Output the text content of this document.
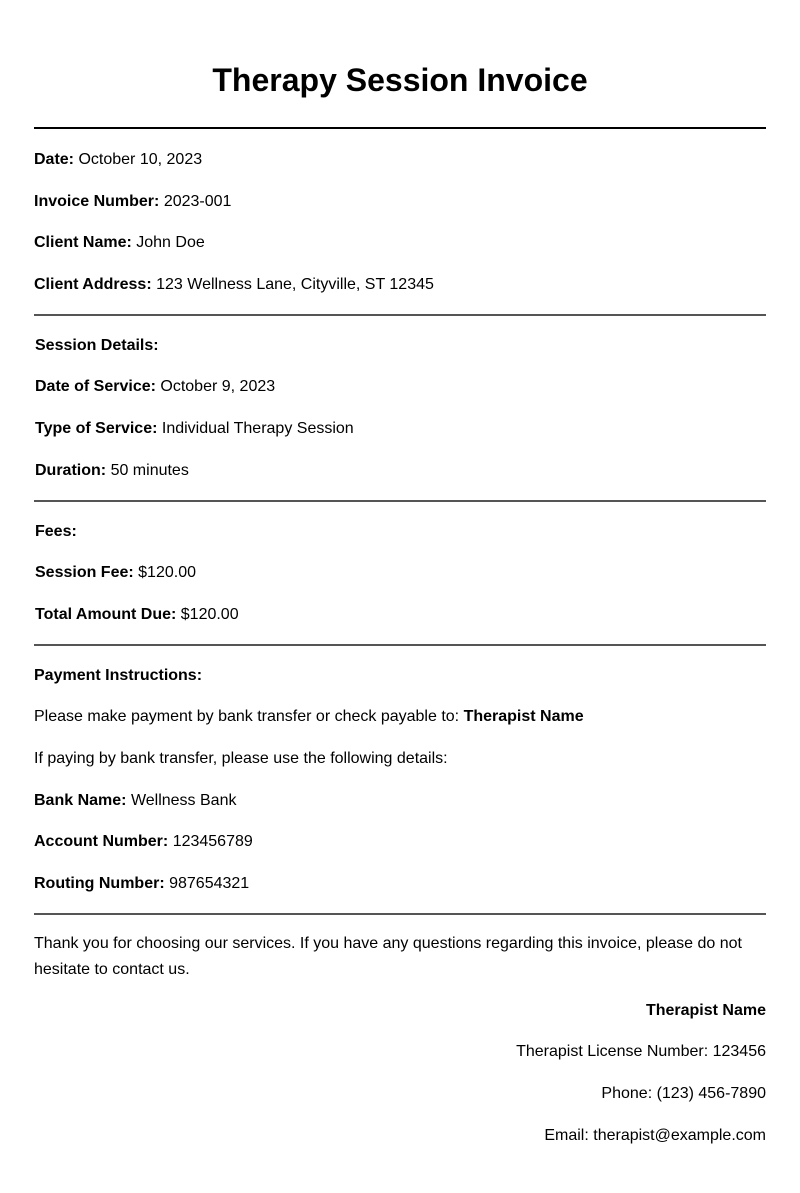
Therapy Session Invoice

Date: October 10, 2023

Invoice Number: 2023-001

Client Name: John Doe

Client Address: 123 Wellness Lane, Cityville, ST 12345

Session Details:

Date of Service: October 9, 2023

Type of Service: Individual Therapy Session

Duration: 50 minutes

Fees:

Session Fee: $120.00

Total Amount Due: $120.00

Payment Instructions:

Please make payment by bank transfer or check payable to: Therapist Name

If paying by bank transfer, please use the following details:

Bank Name: Wellness Bank

Account Number: 123456789

Routing Number: 987654321

Thank you for choosing our services. If you have any questions regarding this invoice, please do not hesitate to contact us.

Therapist Name

Therapist License Number: 123456

Phone: (123) 456-7890

Email: therapist@example.com
